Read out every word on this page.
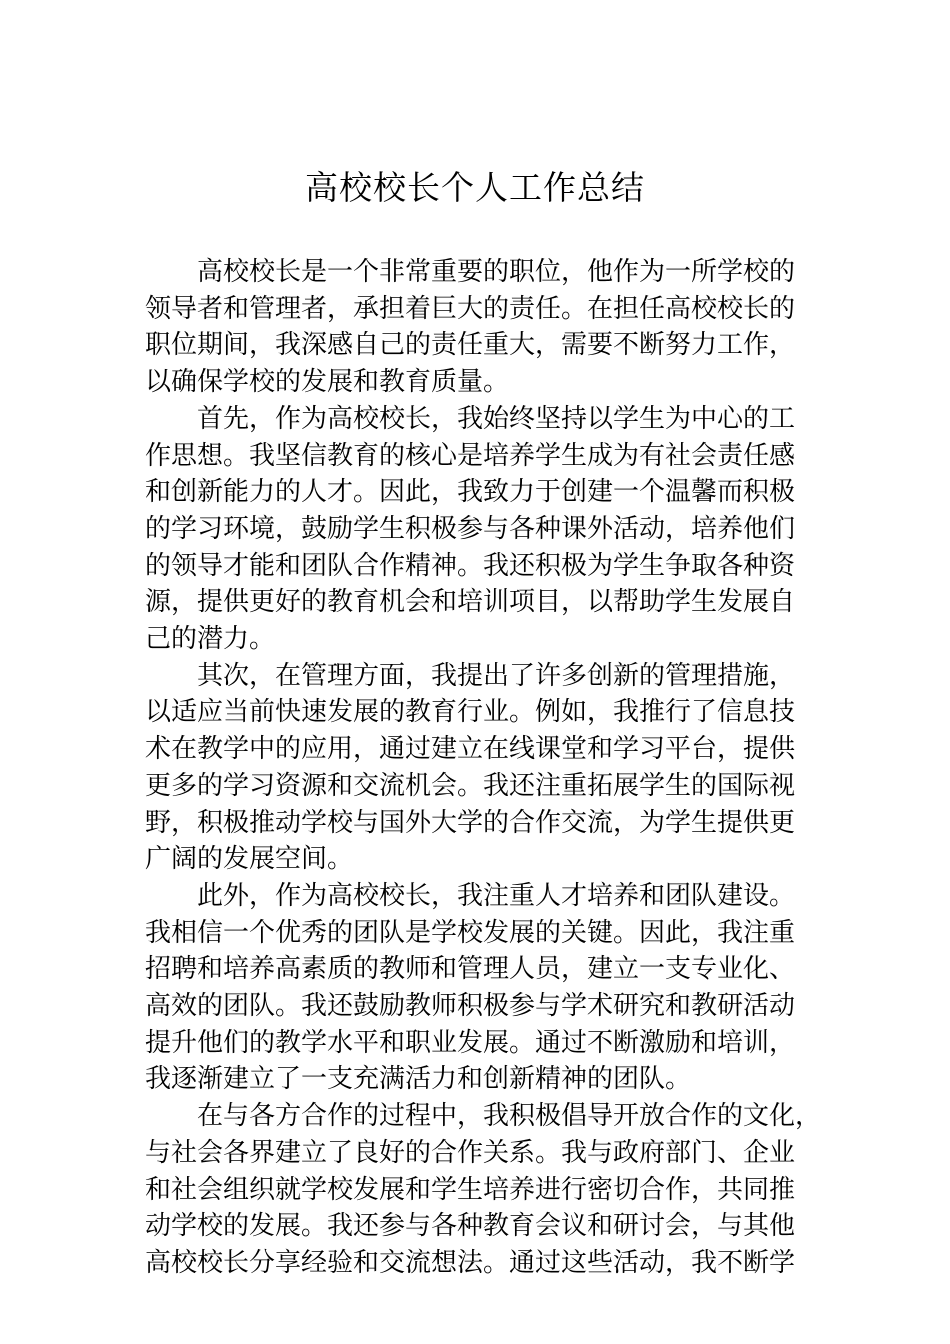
高校校长个人工作总结

高校校长是一个非常重要的职位，他作为一所学校的
领导者和管理者，承担着巨大的责任。在担任高校校长的
职位期间，我深感自己的责任重大，需要不断努力工作，
以确保学校的发展和教育质量。

首先，作为高校校长，我始终坚持以学生为中心的工
作思想。我坚信教育的核心是培养学生成为有社会责任感
和创新能力的人才。因此，我致力于创建一个温馨而积极
的学习环境，鼓励学生积极参与各种课外活动，培养他们
的领导才能和团队合作精神。我还积极为学生争取各种资
源，提供更好的教育机会和培训项目，以帮助学生发展自
己的潜力。

其次，在管理方面，我提出了许多创新的管理措施，
以适应当前快速发展的教育行业。例如，我推行了信息技
术在教学中的应用，通过建立在线课堂和学习平台，提供
更多的学习资源和交流机会。我还注重拓展学生的国际视
野，积极推动学校与国外大学的合作交流，为学生提供更
广阔的发展空间。

此外，作为高校校长，我注重人才培养和团队建设。
我相信一个优秀的团队是学校发展的关键。因此，我注重
招聘和培养高素质的教师和管理人员，建立一支专业化、
高效的团队。我还鼓励教师积极参与学术研究和教研活动
提升他们的教学水平和职业发展。通过不断激励和培训，
我逐渐建立了一支充满活力和创新精神的团队。

在与各方合作的过程中，我积极倡导开放合作的文化，
与社会各界建立了良好的合作关系。我与政府部门、企业
和社会组织就学校发展和学生培养进行密切合作，共同推
动学校的发展。我还参与各种教育会议和研讨会，与其他
高校校长分享经验和交流想法。通过这些活动，我不断学
